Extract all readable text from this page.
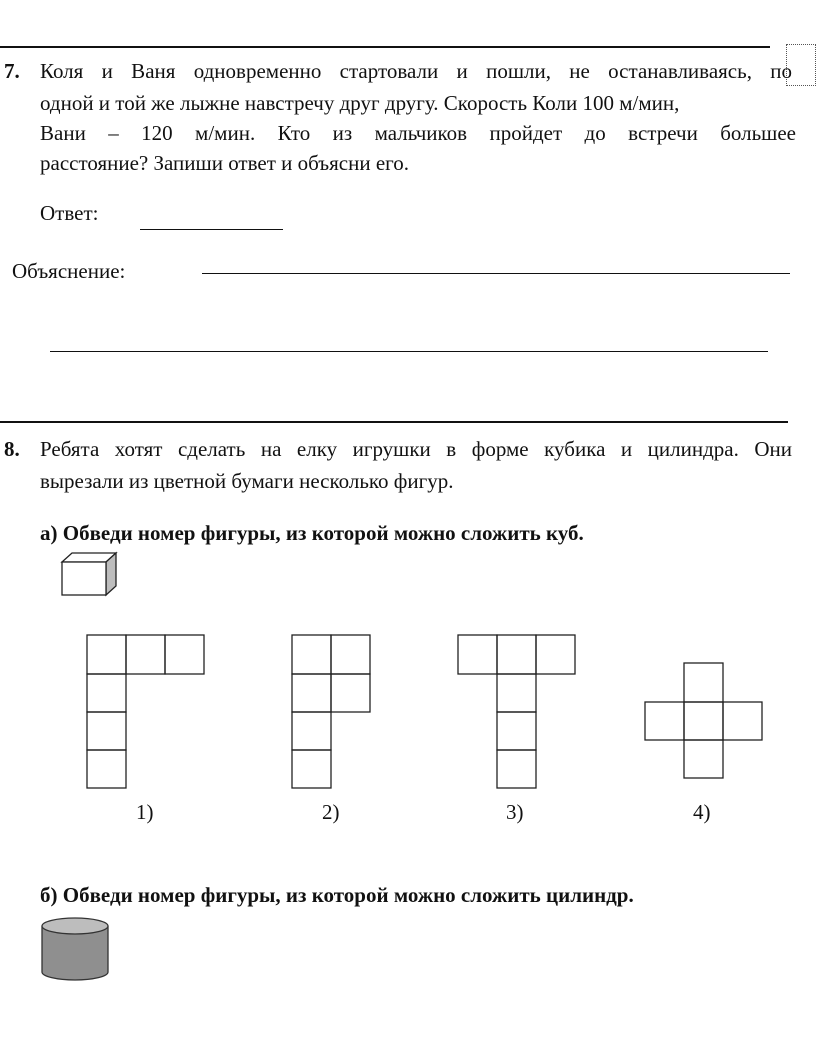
7. Коля и Ваня одновременно стартовали и пошли, не останавливаясь, по
одной и той же лыжне навстречу друг другу. Скорость Коли 100 м/мин,
Вани – 120 м/мин. Кто из мальчиков пройдет до встречи большее
расстояние? Запиши ответ и объясни его.
Ответ:
Объяснение:
8. Ребята хотят сделать на елку игрушки в форме кубика и цилиндра. Они
вырезали из цветной бумаги несколько фигур.
а) Обведи номер фигуры, из которой можно сложить куб.
1)	2)	3)	4)
б) Обведи номер фигуры, из которой можно сложить цилиндр.
